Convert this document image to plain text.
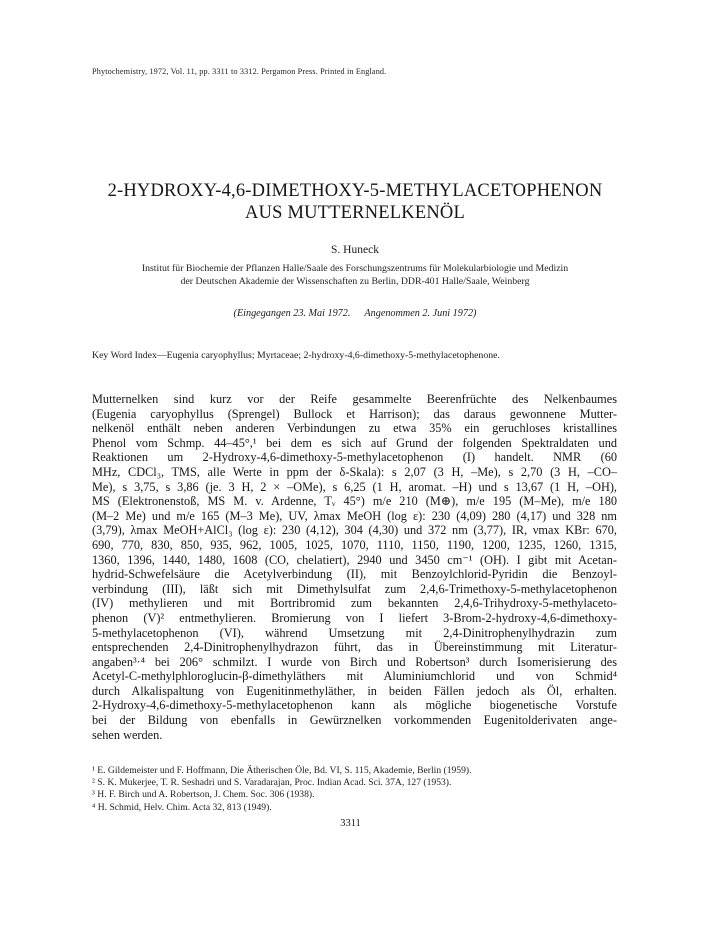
Phytochemistry, 1972, Vol. 11, pp. 3311 to 3312. Pergamon Press. Printed in England.
2-HYDROXY-4,6-DIMETHOXY-5-METHYLACETOPHENON
AUS MUTTERNELKENÖL
S. Huneck
Institut für Biochemie der Pflanzen Halle/Saale des Forschungszentrums für Molekularbiologie und Medizin
der Deutschen Akademie der Wissenschaften zu Berlin, DDR-401 Halle/Saale, Weinberg
(Eingegangen 23. Mai 1972. Angenommen 2. Juni 1972)
Key Word Index—Eugenia caryophyllus; Myrtaceae; 2-hydroxy-4,6-dimethoxy-5-methylacetophenone.
Mutternelken sind kurz vor der Reife gesammelte Beerenfrüchte des Nelkenbaumes
(Eugenia caryophyllus (Sprengel) Bullock et Harrison); das daraus gewonnene Mutter-
nelkenöl enthält neben anderen Verbindungen zu etwa 35% ein geruchloses kristallines
Phenol vom Schmp. 44–45°,¹ bei dem es sich auf Grund der folgenden Spektraldaten und
Reaktionen um 2-Hydroxy-4,6-dimethoxy-5-methylacetophenon (I) handelt. NMR (60
MHz, CDCl₃, TMS, alle Werte in ppm der δ-Skala): s 2,07 (3 H, –Me), s 2,70 (3 H, –CO–
Me), s 3,75, s 3,86 (je. 3 H, 2 × –OMe), s 6,25 (1 H, aromat. –H) und s 13,67 (1 H, –OH),
MS (Elektronenstoß, MS M. v. Ardenne, Tᵥ 45°) m/e 210 (M⊕), m/e 195 (M–Me), m/e 180
(M–2 Me) und m/e 165 (M–3 Me), UV, λmax MeOH (log ε): 230 (4,09) 280 (4,17) und 328 nm
(3,79), λmax MeOH+AlCl₃ (log ε): 230 (4,12), 304 (4,30) und 372 nm (3,77), IR, νmax KBr: 670,
690, 770, 830, 850, 935, 962, 1005, 1025, 1070, 1110, 1150, 1190, 1200, 1235, 1260, 1315,
1360, 1396, 1440, 1480, 1608 (CO, chelatiert), 2940 und 3450 cm⁻¹ (OH). I gibt mit Acetan-
hydrid-Schwefelsäure die Acetylverbindung (II), mit Benzoylchlorid-Pyridin die Benzoyl-
verbindung (III), läßt sich mit Dimethylsulfat zum 2,4,6-Trimethoxy-5-methylacetophenon
(IV) methylieren und mit Bortribromid zum bekannten 2,4,6-Trihydroxy-5-methylaceto-
phenon (V)² entmethylieren. Bromierung von I liefert 3-Brom-2-hydroxy-4,6-dimethoxy-
5-methylacetophenon (VI), während Umsetzung mit 2,4-Dinitrophenylhydrazin zum
entsprechenden 2,4-Dinitrophenylhydrazon führt, das in Übereinstimmung mit Literatur-
angaben³·⁴ bei 206° schmilzt. I wurde von Birch und Robertson³ durch Isomerisierung des
Acetyl-C-methylphloroglucin-β-dimethyläthers mit Aluminiumchlorid und von Schmid⁴
durch Alkalispaltung von Eugenitinmethyläther, in beiden Fällen jedoch als Öl, erhalten.
2-Hydroxy-4,6-dimethoxy-5-methylacetophenon kann als mögliche biogenetische Vorstufe
bei der Bildung von ebenfalls in Gewürznelken vorkommenden Eugenitolderivaten ange-
sehen werden.
¹ E. Gildemeister und F. Hoffmann, Die Ätherischen Öle, Bd. VI, S. 115, Akademie, Berlin (1959).
² S. K. Mukerjee, T. R. Seshadri und S. Varadarajan, Proc. Indian Acad. Sci. 37A, 127 (1953).
³ H. F. Birch und A. Robertson, J. Chem. Soc. 306 (1938).
⁴ H. Schmid, Helv. Chim. Acta 32, 813 (1949).
3311
